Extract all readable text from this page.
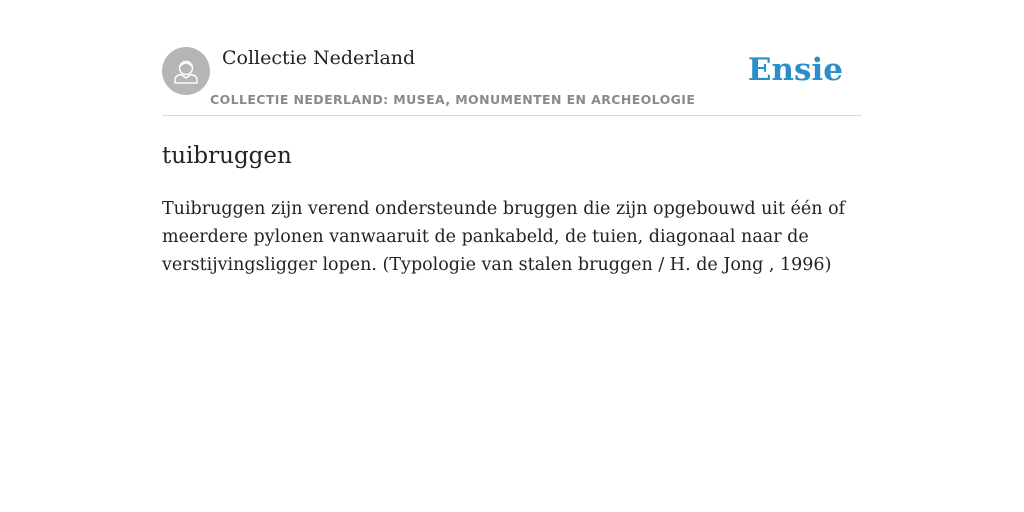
Collectie Nederland
COLLECTIE NEDERLAND: MUSEA, MONUMENTEN EN ARCHEOLOGIE
Ensie
tuibruggen

Tuibruggen zijn verend ondersteunde bruggen die zijn opgebouwd uit één of meerdere pylonen vanwaaruit de pankabeld, de tuien, diagonaal naar de verstijvingsligger lopen. (Typologie van stalen bruggen / H. de Jong , 1996)
